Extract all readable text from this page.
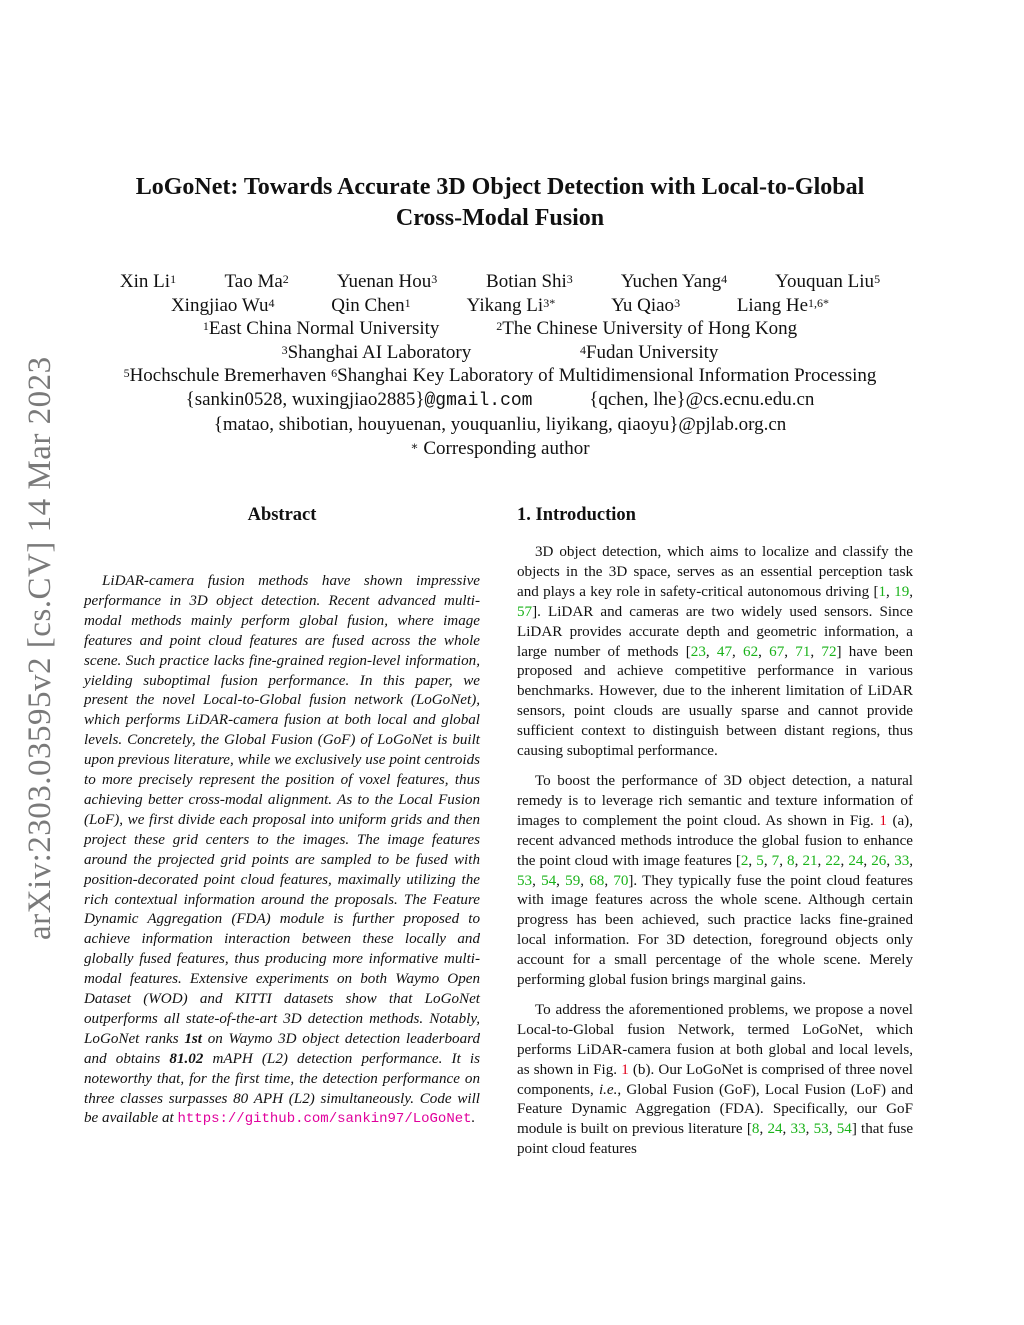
arXiv:2303.03595v2 [cs.CV] 14 Mar 2023
LoGoNet: Towards Accurate 3D Object Detection with Local-to-Global
Cross-Modal Fusion
Xin Li$^1$	Tao Ma$^2$	Yuenan Hou$^3$	Botian Shi$^3$	Yuchen Yang$^4$	Youquan Liu$^5$
Xingjiao Wu$^4$	Qin Chen$^1$	Yikang $Li^{3*}$	Yu Qiao$^3$	Liang $He^{1,6*}$
$^1$East China Normal University	$^2$The Chinese University of Hong Kong
$^3$Shanghai AI Laboratory	$^4$Fudan University
$^5$Hochschule Bremerhaven $^6$Shanghai Key Laboratory of Multidimensional Information Processing
{sankin0528, wuxingjiao2885}@gmail.com	{qchen, lhe}@cs.ecnu.edu.cn
{matao, shibotian, houyuenan, youquanliu, liyikang, qiaoyu}@pjlab.org.cn
∗ Corresponding author
Abstract	1. Introduction

LiDAR-camera fusion methods have shown impressive performance in 3D object detection. Recent advanced multi-modal methods mainly perform global fusion, where image features and point cloud features are fused across the whole scene. Such practice lacks fine-grained region-level information, yielding suboptimal fusion performance. In this paper, we present the novel Local-to-Global fusion network (LoGoNet), which performs LiDAR-camera fusion at both local and global levels. Concretely, the Global Fusion (GoF) of LoGoNet is built upon previous literature, while we exclusively use point centroids to more precisely represent the position of voxel features, thus achieving better cross-modal alignment. As to the Local Fusion (LoF), we first divide each proposal into uniform grids and then project these grid centers to the images. The image features around the projected grid points are sampled to be fused with position-decorated point cloud features, maximally utilizing the rich contextual information around the proposals. The Feature Dynamic Aggregation (FDA) module is further proposed to achieve information interaction between these locally and globally fused features, thus producing more informative multi-modal features. Extensive experiments on both Waymo Open Dataset (WOD) and KITTI datasets show that LoGoNet outperforms all state-of-the-art 3D detection methods. Notably, LoGoNet ranks 1st on Waymo 3D object detection leaderboard and obtains 81.02 mAPH (L2) detection performance. It is noteworthy that, for the first time, the detection performance on three classes surpasses 80 APH (L2) simultaneously. Code will be available at https://github.com/sankin97/LoGoNet.

3D object detection, which aims to localize and classify the objects in the 3D space, serves as an essential perception task and plays a key role in safety-critical autonomous driving [1, 19, 57]. LiDAR and cameras are two widely used sensors. Since LiDAR provides accurate depth and geometric information, a large number of methods [23, 47, 62, 67, 71, 72] have been proposed and achieve competitive performance in various benchmarks. However, due to the inherent limitation of LiDAR sensors, point clouds are usually sparse and cannot provide sufficient context to distinguish between distant regions, thus causing suboptimal performance.

To boost the performance of 3D object detection, a natural remedy is to leverage rich semantic and texture information of images to complement the point cloud. As shown in Fig. 1 (a), recent advanced methods introduce the global fusion to enhance the point cloud with image features [2, 5, 7, 8, 21, 22, 24, 26, 33, 53, 54, 59, 68, 70]. They typically fuse the point cloud features with image features across the whole scene. Although certain progress has been achieved, such practice lacks fine-grained local information. For 3D detection, foreground objects only account for a small percentage of the whole scene. Merely performing global fusion brings marginal gains.

To address the aforementioned problems, we propose a novel Local-to-Global fusion Network, termed LoGoNet, which performs LiDAR-camera fusion at both global and local levels, as shown in Fig. 1 (b). Our LoGoNet is comprised of three novel components, i.e., Global Fusion (GoF), Local Fusion (LoF) and Feature Dynamic Aggregation (FDA). Specifically, our GoF module is built on previous literature [8, 24, 33, 53, 54] that fuse point cloud features
